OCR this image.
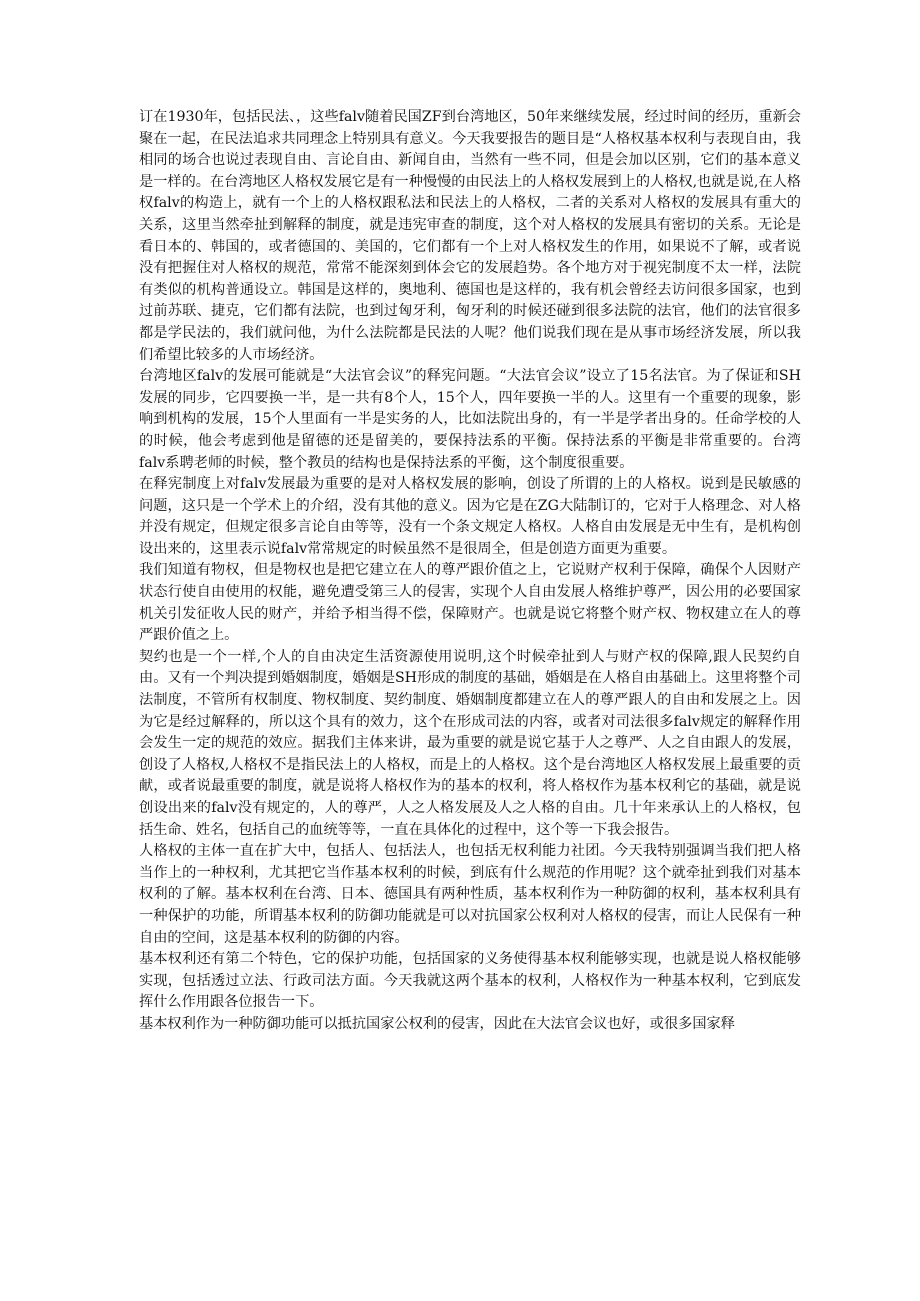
订在1930年，包括民法、，这些falv随着民国ZF到台湾地区，50年来继续发展，经过时间的经历，重新会聚在一起，在民法追求共同理念上特别具有意义。今天我要报告的题目是“人格权基本权利与表现自由，我相同的场合也说过表现自由、言论自由、新闻自由，当然有一些不同，但是会加以区别，它们的基本意义是一样的。在台湾地区人格权发展它是有一种慢慢的由民法上的人格权发展到上的人格权,也就是说,在人格权falv的构造上，就有一个上的人格权跟私法和民法上的人格权，二者的关系对人格权的发展具有重大的关系，这里当然牵扯到解释的制度，就是违宪审查的制度，这个对人格权的发展具有密切的关系。无论是看日本的、韩国的，或者德国的、美国的，它们都有一个上对人格权发生的作用，如果说不了解，或者说没有把握住对人格权的规范，常常不能深刻到体会它的发展趋势。各个地方对于视宪制度不太一样，法院有类似的机构普通设立。韩国是这样的，奥地利、德国也是这样的，我有机会曾经去访问很多国家，也到过前苏联、捷克，它们都有法院，也到过匈牙利，匈牙利的时候还碰到很多法院的法官，他们的法官很多都是学民法的，我们就问他，为什么法院都是民法的人呢？他们说我们现在是从事市场经济发展，所以我们希望比较多的人市场经济。

台湾地区falv的发展可能就是“大法官会议”的释宪问题。“大法官会议”设立了15名法官。为了保证和SH发展的同步，它四要换一半，是一共有8个人，15个人，四年要换一半的人。这里有一个重要的现象，影响到机构的发展，15个人里面有一半是实务的人，比如法院出身的，有一半是学者出身的。任命学校的人的时候，他会考虑到他是留德的还是留美的，要保持法系的平衡。保持法系的平衡是非常重要的。台湾falv系聘老师的时候，整个教员的结构也是保持法系的平衡，这个制度很重要。

在释宪制度上对falv发展最为重要的是对人格权发展的影响，创设了所谓的上的人格权。说到是民敏感的问题，这只是一个学术上的介绍，没有其他的意义。因为它是在ZG大陆制订的，它对于人格理念、对人格并没有规定，但规定很多言论自由等等，没有一个条文规定人格权。人格自由发展是无中生有，是机构创设出来的，这里表示说falv常常规定的时候虽然不是很周全，但是创造方面更为重要。

我们知道有物权，但是物权也是把它建立在人的尊严跟价值之上，它说财产权利于保障，确保个人因财产状态行使自由使用的权能，避免遭受第三人的侵害，实现个人自由发展人格维护尊严，因公用的必要国家机关引发征收人民的财产，并给予相当得不偿，保障财产。也就是说它将整个财产权、物权建立在人的尊严跟价值之上。

契约也是一个一样,个人的自由决定生活资源使用说明,这个时候牵扯到人与财产权的保障,跟人民契约自由。又有一个判决提到婚姻制度，婚姻是SH形成的制度的基础，婚姻是在人格自由基础上。这里将整个司法制度，不管所有权制度、物权制度、契约制度、婚姻制度都建立在人的尊严跟人的自由和发展之上。因为它是经过解释的，所以这个具有的效力，这个在形成司法的内容，或者对司法很多falv规定的解释作用会发生一定的规范的效应。据我们主体来讲，最为重要的就是说它基于人之尊严、人之自由跟人的发展，创设了人格权,人格权不是指民法上的人格权，而是上的人格权。这个是台湾地区人格权发展上最重要的贡献，或者说最重要的制度，就是说将人格权作为的基本的权利，将人格权作为基本权利它的基础，就是说创设出来的falv没有规定的，人的尊严，人之人格发展及人之人格的自由。几十年来承认上的人格权，包括生命、姓名，包括自己的血统等等，一直在具体化的过程中，这个等一下我会报告。

人格权的主体一直在扩大中，包括人、包括法人，也包括无权利能力社团。今天我特别强调当我们把人格当作上的一种权利，尤其把它当作基本权利的时候，到底有什么规范的作用呢？这个就牵扯到我们对基本权利的了解。基本权利在台湾、日本、德国具有两种性质，基本权利作为一种防御的权利，基本权利具有一种保护的功能，所谓基本权利的防御功能就是可以对抗国家公权利对人格权的侵害，而让人民保有一种自由的空间，这是基本权利的防御的内容。

基本权利还有第二个特色，它的保护功能，包括国家的义务使得基本权利能够实现，也就是说人格权能够实现，包括透过立法、行政司法方面。今天我就这两个基本的权利，人格权作为一种基本权利，它到底发挥什么作用跟各位报告一下。

基本权利作为一种防御功能可以抵抗国家公权利的侵害，因此在大法官会议也好，或很多国家释
